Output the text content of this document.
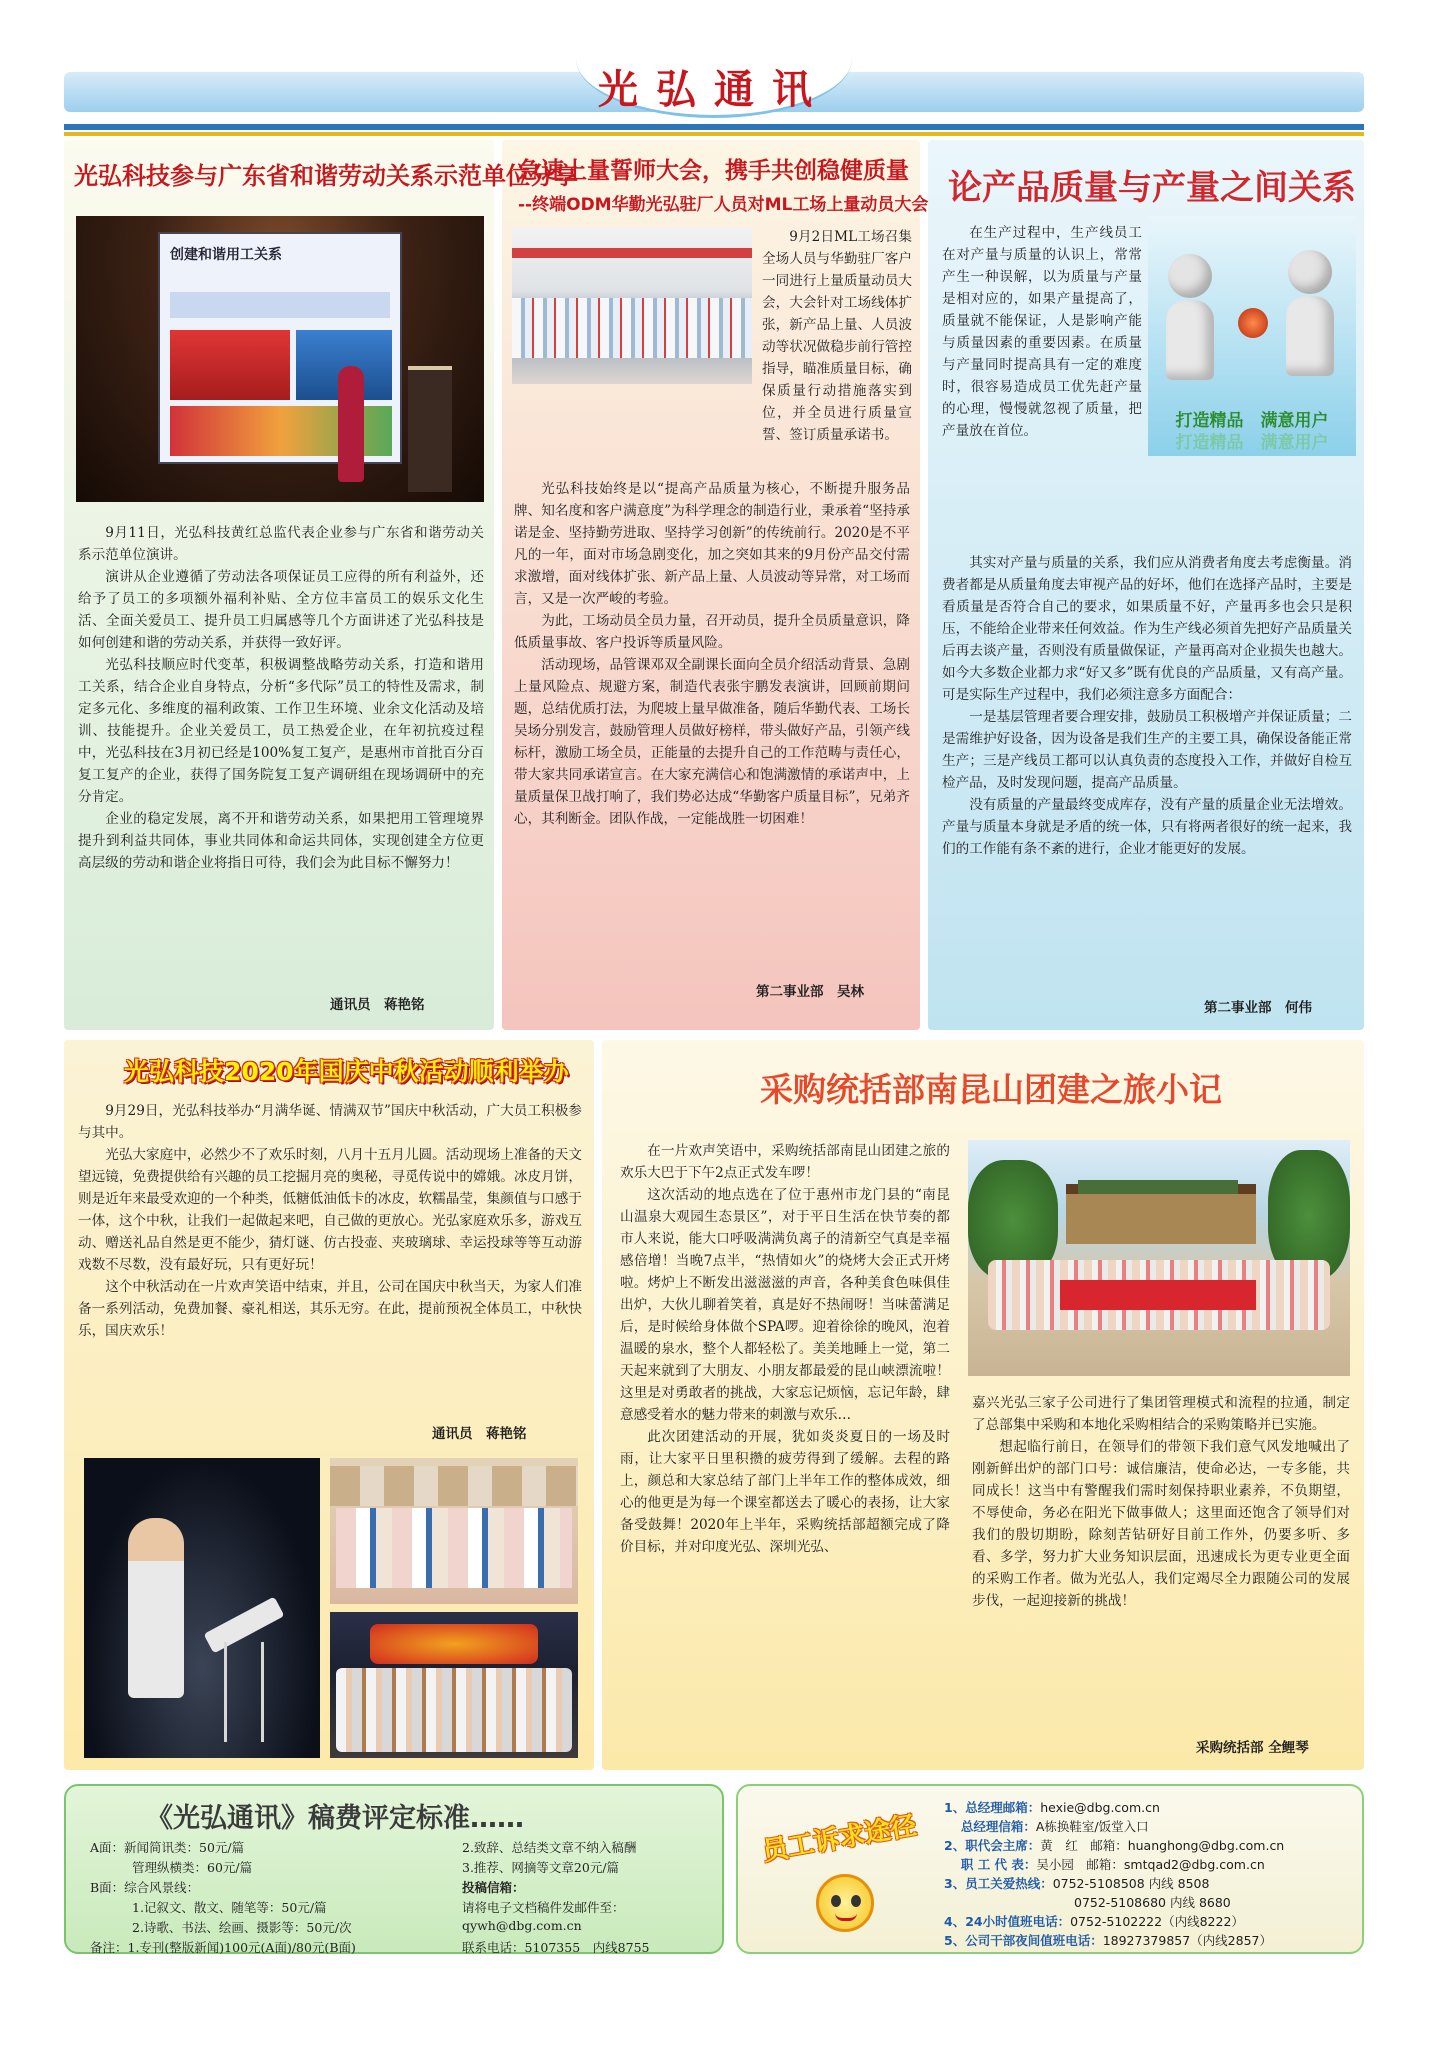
光弘通讯
光弘科技参与广东省和谐劳动关系示范单位分享
创建和谐用工关系

9月11日，光弘科技黄红总监代表企业参与广东省和谐劳动关系示范单位演讲。

演讲从企业遵循了劳动法各项保证员工应得的所有利益外，还给予了员工的多项额外福利补贴、全方位丰富员工的娱乐文化生活、全面关爱员工、提升员工归属感等几个方面讲述了光弘科技是如何创建和谐的劳动关系，并获得一致好评。

光弘科技顺应时代变革，积极调整战略劳动关系，打造和谐用工关系，结合企业自身特点，分析“多代际”员工的特性及需求，制定多元化、多维度的福利政策、工作卫生环境、业余文化活动及培训、技能提升。企业关爱员工，员工热爱企业，在年初抗疫过程中，光弘科技在3月初已经是100%复工复产，是惠州市首批百分百复工复产的企业，获得了国务院复工复产调研组在现场调研中的充分肯定。

企业的稳定发展，离不开和谐劳动关系，如果把用工管理境界提升到利益共同体，事业共同体和命运共同体，实现创建全方位更高层级的劳动和谐企业将指日可待，我们会为此目标不懈努力！

通讯员　蒋艳铭
急速上量誓师大会，携手共创稳健质量
--终端ODM华勤光弘驻厂人员对ML工场上量动员大会

9月2日ML工场召集全场人员与华勤驻厂客户一同进行上量质量动员大会，大会针对工场线体扩张，新产品上量、人员波动等状况做稳步前行管控指导，瞄准质量目标，确保质量行动措施落实到位，并全员进行质量宣誓、签订质量承诺书。

光弘科技始终是以“提高产品质量为核心，不断提升服务品牌、知名度和客户满意度”为科学理念的制造行业，秉承着“坚持承诺是金、坚持勤劳进取、坚持学习创新”的传统前行。2020是不平凡的一年，面对市场急剧变化，加之突如其来的9月份产品交付需求激增，面对线体扩张、新产品上量、人员波动等异常，对工场而言，又是一次严峻的考验。

为此，工场动员全员力量，召开动员，提升全员质量意识，降低质量事故、客户投诉等质量风险。

活动现场，品管课邓双全副课长面向全员介绍活动背景、急剧上量风险点、规避方案，制造代表张宇鹏发表演讲，回顾前期问题，总结优质打法，为爬坡上量早做准备，随后华勤代表、工场长吴场分别发言，鼓励管理人员做好榜样，带头做好产品，引领产线标杆，激励工场全员，正能量的去提升自己的工作范畴与责任心，带大家共同承诺宣言。在大家充满信心和饱满激情的承诺声中，上量质量保卫战打响了，我们势必达成“华勤客户质量目标”，兄弟齐心，其利断金。团队作战，一定能战胜一切困难！

第二事业部　吴林
论产品质量与产量之间关系
打造精品　满意用户
打造精品　满意用户

在生产过程中，生产线员工在对产量与质量的认识上，常常产生一种误解，以为质量与产量是相对应的，如果产量提高了，质量就不能保证，人是影响产能与质量因素的重要因素。在质量与产量同时提高具有一定的难度时，很容易造成员工优先赶产量的心理，慢慢就忽视了质量，把产量放在首位。

其实对产量与质量的关系，我们应从消费者角度去考虑衡量。消费者都是从质量角度去审视产品的好坏，他们在选择产品时，主要是看质量是否符合自己的要求，如果质量不好，产量再多也会只是积压，不能给企业带来任何效益。作为生产线必须首先把好产品质量关后再去谈产量，否则没有质量做保证，产量再高对企业损失也越大。如今大多数企业都力求“好又多”既有优良的产品质量，又有高产量。可是实际生产过程中，我们必须注意多方面配合：

一是基层管理者要合理安排，鼓励员工积极增产并保证质量；二是需维护好设备，因为设备是我们生产的主要工具，确保设备能正常生产；三是产线员工都可以认真负责的态度投入工作，并做好自检互检产品，及时发现问题，提高产品质量。

没有质量的产量最终变成库存，没有产量的质量企业无法增效。产量与质量本身就是矛盾的统一体，只有将两者很好的统一起来，我们的工作能有条不紊的进行，企业才能更好的发展。

第二事业部　何伟
光弘科技2020年国庆中秋活动顺利举办

9月29日，光弘科技举办“月满华诞、情满双节”国庆中秋活动，广大员工积极参与其中。

光弘大家庭中，必然少不了欢乐时刻，八月十五月儿圆。活动现场上准备的天文望远镜，免费提供给有兴趣的员工挖掘月亮的奥秘，寻觅传说中的嫦娥。冰皮月饼，则是近年来最受欢迎的一个种类，低糖低油低卡的冰皮，软糯晶莹，集颜值与口感于一体，这个中秋，让我们一起做起来吧，自己做的更放心。光弘家庭欢乐多，游戏互动、赠送礼品自然是更不能少，猜灯谜、仿古投壶、夹玻璃球、幸运投球等等互动游戏数不尽数，没有最好玩，只有更好玩！

这个中秋活动在一片欢声笑语中结束，并且，公司在国庆中秋当天，为家人们准备一系列活动，免费加餐、豪礼相送，其乐无穷。在此，提前预祝全体员工，中秋快乐，国庆欢乐！

通讯员　蒋艳铭
采购统括部南昆山团建之旅小记

在一片欢声笑语中，采购统括部南昆山团建之旅的欢乐大巴于下午2点正式发车啰！

这次活动的地点选在了位于惠州市龙门县的“南昆山温泉大观园生态景区”，对于平日生活在快节奏的都市人来说，能大口呼吸满满负离子的清新空气真是幸福感倍增！当晚7点半，“热情如火”的烧烤大会正式开烤啦。烤炉上不断发出滋滋滋的声音，各种美食色味俱佳出炉，大伙儿聊着笑着，真是好不热闹呀！当味蕾满足后，是时候给身体做个SPA啰。迎着徐徐的晚风，泡着温暖的泉水，整个人都轻松了。美美地睡上一觉，第二天起来就到了大朋友、小朋友都最爱的昆山峡漂流啦！这里是对勇敢者的挑战，大家忘记烦恼，忘记年龄，肆意感受着水的魅力带来的刺激与欢乐…

此次团建活动的开展，犹如炎炎夏日的一场及时雨，让大家平日里积攒的疲劳得到了缓解。去程的路上，颜总和大家总结了部门上半年工作的整体成效，细心的他更是为每一个课室都送去了暖心的表扬，让大家备受鼓舞！2020年上半年，采购统括部超额完成了降价目标，并对印度光弘、深圳光弘、

嘉兴光弘三家子公司进行了集团管理模式和流程的拉通，制定了总部集中采购和本地化采购相结合的采购策略并已实施。

想起临行前日，在领导们的带领下我们意气风发地喊出了刚新鲜出炉的部门口号：诚信廉洁，使命必达，一专多能，共同成长！这当中有警醒我们需时刻保持职业素养，不负期望，不辱使命，务必在阳光下做事做人；这里面还饱含了领导们对我们的殷切期盼，除刻苦钻研好目前工作外，仍要多听、多看、多学，努力扩大业务知识层面，迅速成长为更专业更全面的采购工作者。做为光弘人，我们定竭尽全力跟随公司的发展步伐，一起迎接新的挑战！

采购统括部 全鲤琴
《光弘通讯》稿费评定标准……
A面：新闻简讯类：50元/篇
管理纵横类：60元/篇
B面：综合风景线：
1.记叙文、散文、随笔等：50元/篇
2.诗歌、书法、绘画、摄影等：50元/次
备注：1.专刊(整版新闻)100元(A面)/80元(B面)
2.致辞、总结类文章不纳入稿酬
3.推荐、网摘等文章20元/篇
投稿信箱：
请将电子文档稿件发邮件至：
qywh@dbg.com.cn
联系电话：5107355　内线8755
员工诉求途径
1、总经理邮箱：hexie@dbg.com.cn
　 总经理信箱：A栋换鞋室/饭堂入口
2、职代会主席：黄　红　邮箱：huanghong@dbg.com.cn
　 职 工 代 表：吴小园　邮箱：smtqad2@dbg.com.cn
3、员工关爱热线：0752-5108508 内线 8508
0752-5108680 内线 8680
4、24小时值班电话：0752-5102222（内线8222）
5、公司干部夜间值班电话：18927379857（内线2857）
